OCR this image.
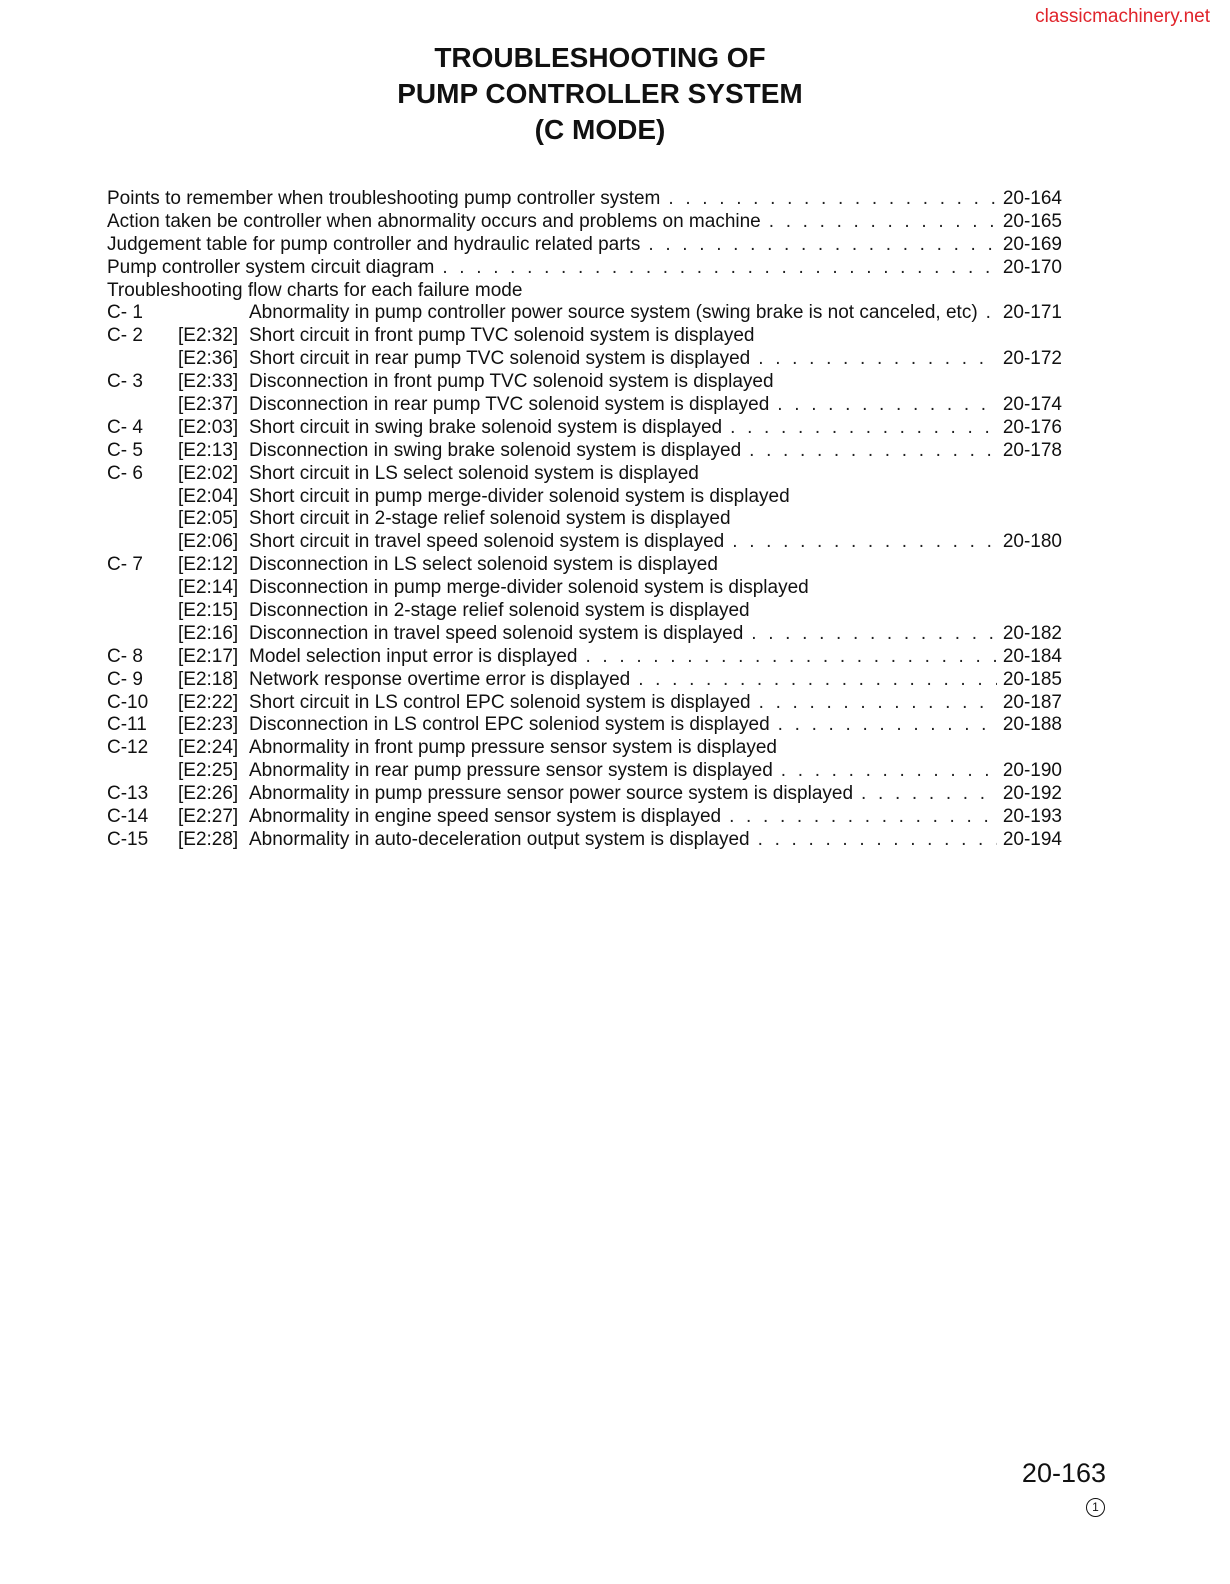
classicmachinery.net
TROUBLESHOOTING OF
PUMP CONTROLLER SYSTEM
(C MODE)
Points to remember when troubleshooting pump controller system . . .	20-164
Action taken be controller when abnormality occurs and problems on machine . . .	20-165
Judgement table for pump controller and hydraulic related parts . . .	20-169
Pump controller system circuit diagram . . .	20-170
Troubleshooting flow charts for each failure mode
C- 1	Abnormality in pump controller power source system (swing brake is not canceled, etc) . . . 20-171
C- 2	[E2:32] Short circuit in front pump TVC solenoid system is displayed
[E2:36] Short circuit in rear pump TVC solenoid system is displayed . . .	20-172
C- 3	[E2:33] Disconnection in front pump TVC solenoid system is displayed
[E2:37] Disconnection in rear pump TVC solenoid system is displayed . . .	20-174
C- 4	[E2:03] Short circuit in swing brake solenoid system is displayed . . .	20-176
C- 5	[E2:13] Disconnection in swing brake solenoid system is displayed . . .	20-178
C- 6	[E2:02] Short circuit in LS select solenoid system is displayed
[E2:04] Short circuit in pump merge-divider solenoid system is displayed
[E2:05] Short circuit in 2-stage relief solenoid system is displayed
[E2:06] Short circuit in travel speed solenoid system is displayed . . .	20-180
C- 7	[E2:12] Disconnection in LS select solenoid system is displayed
[E2:14] Disconnection in pump merge-divider solenoid system is displayed
[E2:15] Disconnection in 2-stage relief solenoid system is displayed
[E2:16] Disconnection in travel speed solenoid system is displayed . . .	20-182
C- 8	[E2:17] Model selection input error is displayed . . .	20-184
C- 9	[E2:18] Network response overtime error is displayed . . .	20-185
C-10	[E2:22] Short circuit in LS control EPC solenoid system is displayed . . .	20-187
C-11	[E2:23] Disconnection in LS control EPC soleniod system is displayed . . .	20-188
C-12	[E2:24] Abnormality in front pump pressure sensor system is displayed
[E2:25] Abnormality in rear pump pressure sensor system is displayed . . .	20-190
C-13	[E2:26] Abnormality in pump pressure sensor power source system is displayed . . .	20-192
C-14	[E2:27] Abnormality in engine speed sensor system is displayed . . .	20-193
C-15	[E2:28] Abnormality in auto-deceleration output system is displayed . . .	20-194
20-163
1
